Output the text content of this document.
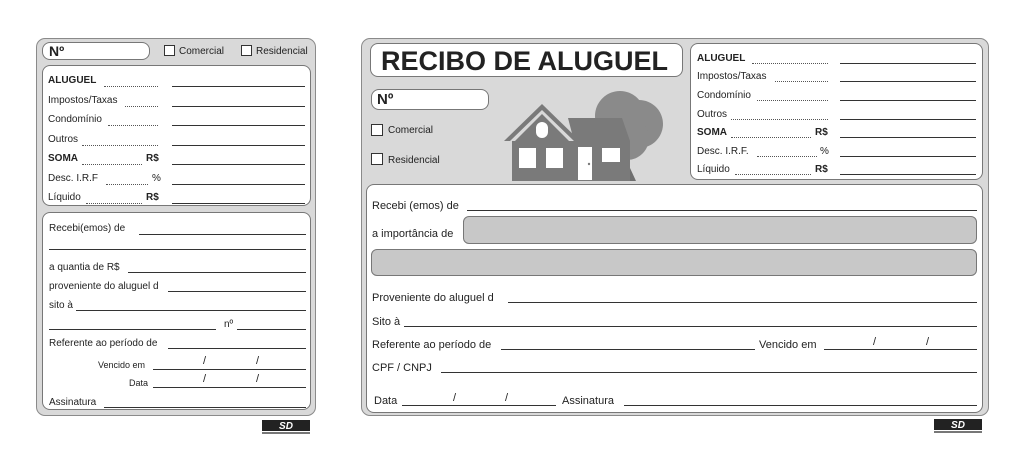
Nº	Comercial	Residencial
ALUGUEL
Impostos/Taxas
Condomínio
Outros
SOMA	R$
Desc. I.R.F	%
Líquido	R$
Recebi(emos) de
a quantia de R$
proveniente do aluguel d
sito à
nº
Referente ao período de
Vencido em	/	/
Data	/	/
Assinatura
SD
RECIBO DE ALUGUEL
Nº
Comercial
Residencial
ALUGUEL
Impostos/Taxas
Condomínio
Outros
SOMA	R$
Desc. I.R.F.	%
Líquido	R$
Recebi (emos) de
a importância de
Proveniente do aluguel d
Sito à
Referente ao período de	Vencido em	/	/
CPF / CNPJ
Data	/	/	Assinatura
SD
